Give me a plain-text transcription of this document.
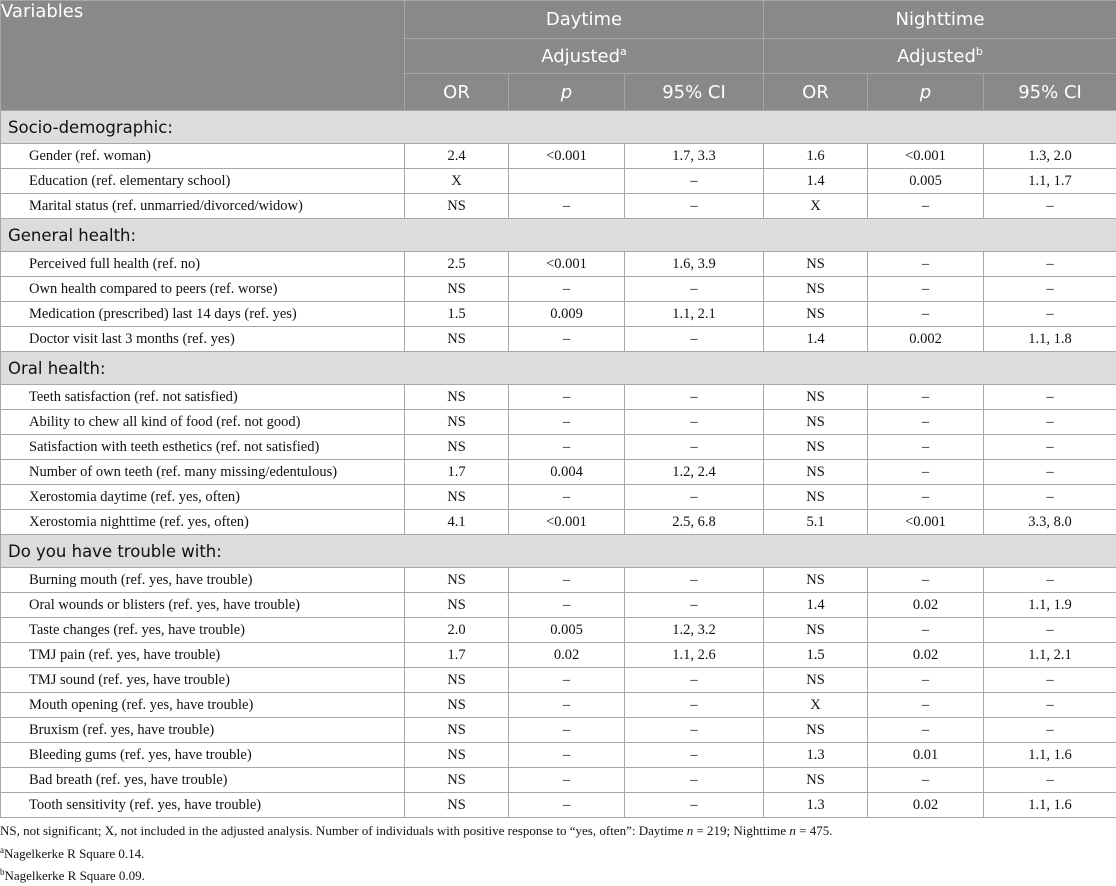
Variables	Daytime			Nighttime		
	Adjusted$^a$			Adjusted$^b$
	OR	p	95% CI	OR	p	95% CI
Socio-demographic:						
Gender (ref. woman)	2.4	<0.001	1.7, 3.3	1.6	<0.001	1.3, 2.0
Education (ref. elementary school)	X		–	1.4	0.005	1.1, 1.7
Marital status (ref. unmarried/divorced/widow)	NS	–	–	X	–	–
General health:						
Perceived full health (ref. no)	2.5	<0.001	1.6, 3.9	NS	–	–
Own health compared to peers (ref. worse)	NS	–	–	NS	–	–
Medication (prescribed) last 14 days (ref. yes)	1.5	0.009	1.1, 2.1	NS	–	–
Doctor visit last 3 months (ref. yes)	NS	–	–	1.4	0.002	1.1, 1.8
Oral health:						
Teeth satisfaction (ref. not satisfied)	NS	–	–	NS	–	–
Ability to chew all kind of food (ref. not good)	NS	–	–	NS	–	–
Satisfaction with teeth esthetics (ref. not satisfied)	NS	–	–	NS	–	–
Number of own teeth (ref. many missing/edentulous)	1.7	0.004	1.2, 2.4	NS	–	–
Xerostomia daytime (ref. yes, often)	NS	–	–	NS	–	–
Xerostomia nighttime (ref. yes, often)	4.1	<0.001	2.5, 6.8	5.1	<0.001	3.3, 8.0
Do you have trouble with:						
Burning mouth (ref. yes, have trouble)	NS	–	–	NS	–	–
Oral wounds or blisters (ref. yes, have trouble)	NS	–	–	1.4	0.02	1.1, 1.9
Taste changes (ref. yes, have trouble)	2.0	0.005	1.2, 3.2	NS	–	–
TMJ pain (ref. yes, have trouble)	1.7	0.02	1.1, 2.6	1.5	0.02	1.1, 2.1
TMJ sound (ref. yes, have trouble)	NS	–	–	NS	–	–
Mouth opening (ref. yes, have trouble)	NS	–	–	X	–	–
Bruxism (ref. yes, have trouble)	NS	–	–	NS	–	–
Bleeding gums (ref. yes, have trouble)	NS	–	–	1.3	0.01	1.1, 1.6
Bad breath (ref. yes, have trouble)	NS	–	–	NS	–	–
Tooth sensitivity (ref. yes, have trouble)	NS	–	–	1.3	0.02	1.1, 1.6
NS, not significant; X, not included in the adjusted analysis. Number of individuals with positive response to “yes, often”: Daytime n = 219; Nighttime n = 475.
$^a$Nagelkerke R Square 0.14.
$^b$Nagelkerke R Square 0.09.
